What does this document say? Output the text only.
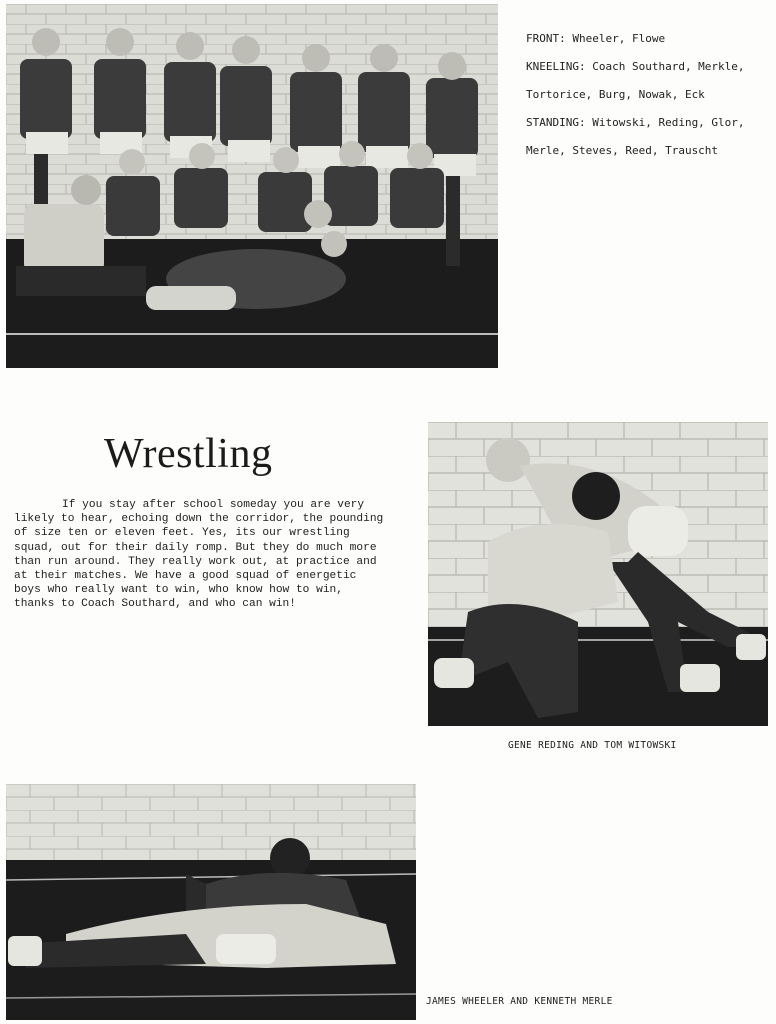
FRONT: Wheeler, Flowe

KNEELING: Coach Southard, Merkle,

Tortorice, Burg, Nowak, Eck

STANDING: Witowski, Reding, Glor,

Merle, Steves, Reed, Trauscht

Wrestling
If you stay after school someday you are very likely to hear, echoing down the corridor, the pounding of size ten or eleven feet. Yes, its our wrestling squad, out for their daily romp. But they do much more than run around. They really work out, at practice and at their matches. We have a good squad of energetic boys who really want to win, who know how to win, thanks to Coach Southard, and who can win!
GENE REDING AND TOM WITOWSKI
JAMES WHEELER AND KENNETH MERLE
